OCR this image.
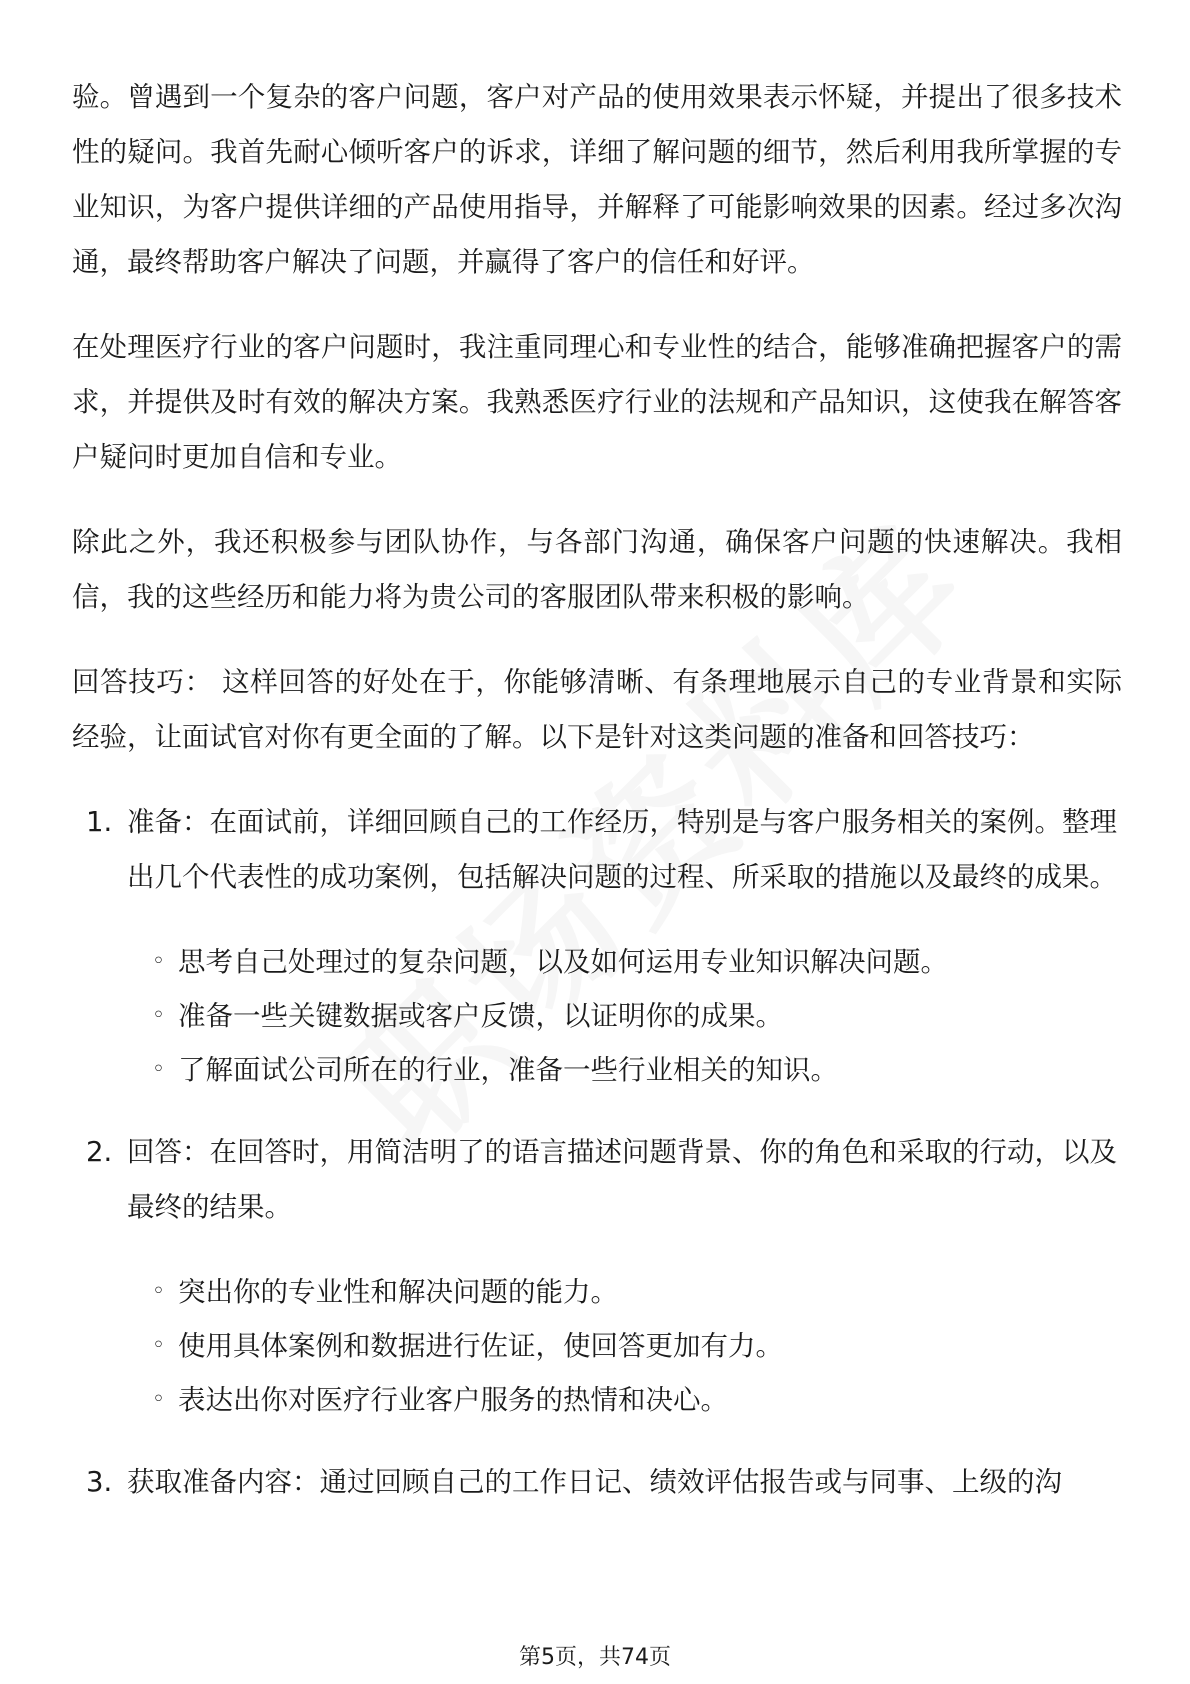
验。曾遇到一个复杂的客户问题，客户对产品的使用效果表示怀疑，并提出了很多技术性的疑问。我首先耐心倾听客户的诉求，详细了解问题的细节，然后利用我所掌握的专业知识，为客户提供详细的产品使用指导，并解释了可能影响效果的因素。经过多次沟通，最终帮助客户解决了问题，并赢得了客户的信任和好评。

在处理医疗行业的客户问题时，我注重同理心和专业性的结合，能够准确把握客户的需求，并提供及时有效的解决方案。我熟悉医疗行业的法规和产品知识，这使我在解答客户疑问时更加自信和专业。

除此之外，我还积极参与团队协作，与各部门沟通，确保客户问题的快速解决。我相信，我的这些经历和能力将为贵公司的客服团队带来积极的影响。

回答技巧： 这样回答的好处在于，你能够清晰、有条理地展示自己的专业背景和实际经验，让面试官对你有更全面的了解。以下是针对这类问题的准备和回答技巧：

1. 准备：在面试前，详细回顾自己的工作经历，特别是与客户服务相关的案例。整理出几个代表性的成功案例，包括解决问题的过程、所采取的措施以及最终的成果。

◦ 思考自己处理过的复杂问题，以及如何运用专业知识解决问题。
◦ 准备一些关键数据或客户反馈，以证明你的成果。
◦ 了解面试公司所在的行业，准备一些行业相关的知识。

2. 回答：在回答时，用简洁明了的语言描述问题背景、你的角色和采取的行动，以及最终的结果。

◦ 突出你的专业性和解决问题的能力。
◦ 使用具体案例和数据进行佐证，使回答更加有力。
◦ 表达出你对医疗行业客户服务的热情和决心。

3. 获取准备内容：通过回顾自己的工作日记、绩效评估报告或与同事、上级的沟

第5页，共74页
